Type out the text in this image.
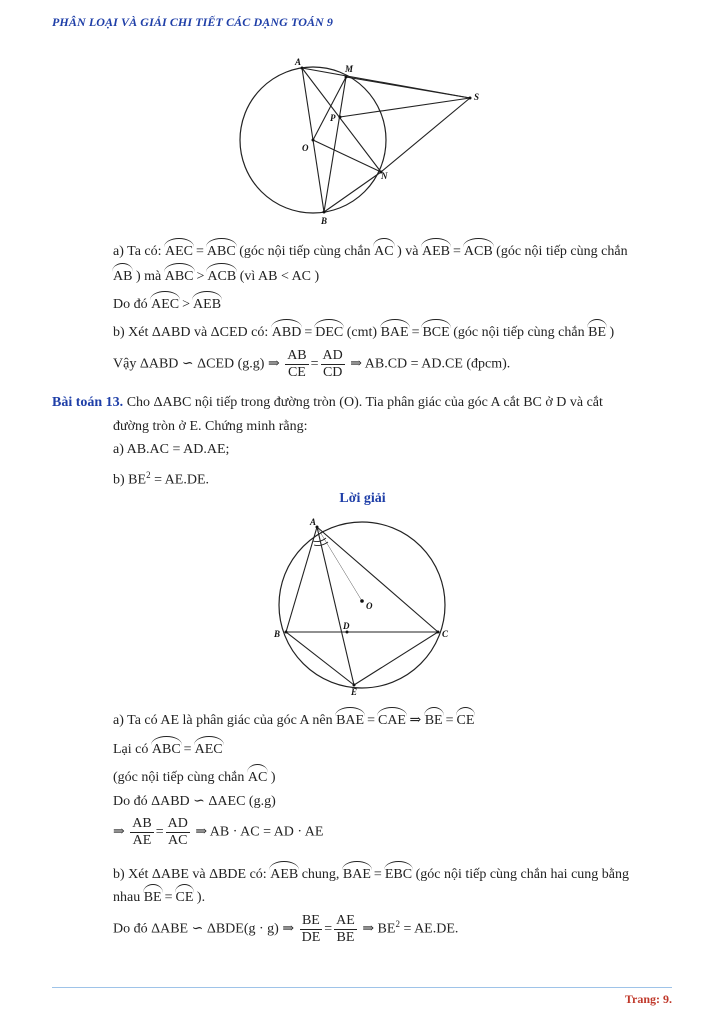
PHÂN LOẠI VÀ GIẢI CHI TIẾT CÁC DẠNG TOÁN 9
A
M
S
P
O
N
B
a) Ta có: AEC = ABC (góc nội tiếp cùng chắn AC ) và AEB = ACB (góc nội tiếp cùng chắn
AB ) mà ABC > ACB (vì AB < AC )
Do đó AEC > AEB
b) Xét ΔABD và ΔCED có: ABD = DEC (cmt) BAE = BCE (góc nội tiếp cùng chắn BE )
Vậy ΔABD ∽ ΔCED (g.g) ⇒ $\frac{AB}{CE} = \frac{AD}{CD}$ ⇒ AB.CD = AD.CE (đpcm).
Bài toán 13. Cho ΔABC nội tiếp trong đường tròn (O). Tia phân giác của góc A cắt BC ở D và cắt
đường tròn ở E. Chứng minh rằng:
a) AB.AC = AD.AE;
b) $BE^2 = AE.DE$.
Lời giải
A
O
B
D
C
E
a) Ta có AE là phân giác của góc A nên BAE = CAE ⇒ BE = CE
Lại có ABC = AEC
(góc nội tiếp cùng chắn AC )
Do đó ΔABD ∽ ΔAEC (g.g)
⇒ $\frac{AB}{AE} = \frac{AD}{AC}$ ⇒ AB · AC = AD · AE
b) Xét ΔABE và ΔBDE có: AEB chung, BAE = EBC (góc nội tiếp cùng chắn hai cung bằng
nhau BE = CE ).
Do đó ΔABE ∽ ΔBDE(g · g) ⇒ $\frac{BE}{DE} = \frac{AE}{BE}$ ⇒ $BE^2 = AE.DE$.
Trang: 9.
